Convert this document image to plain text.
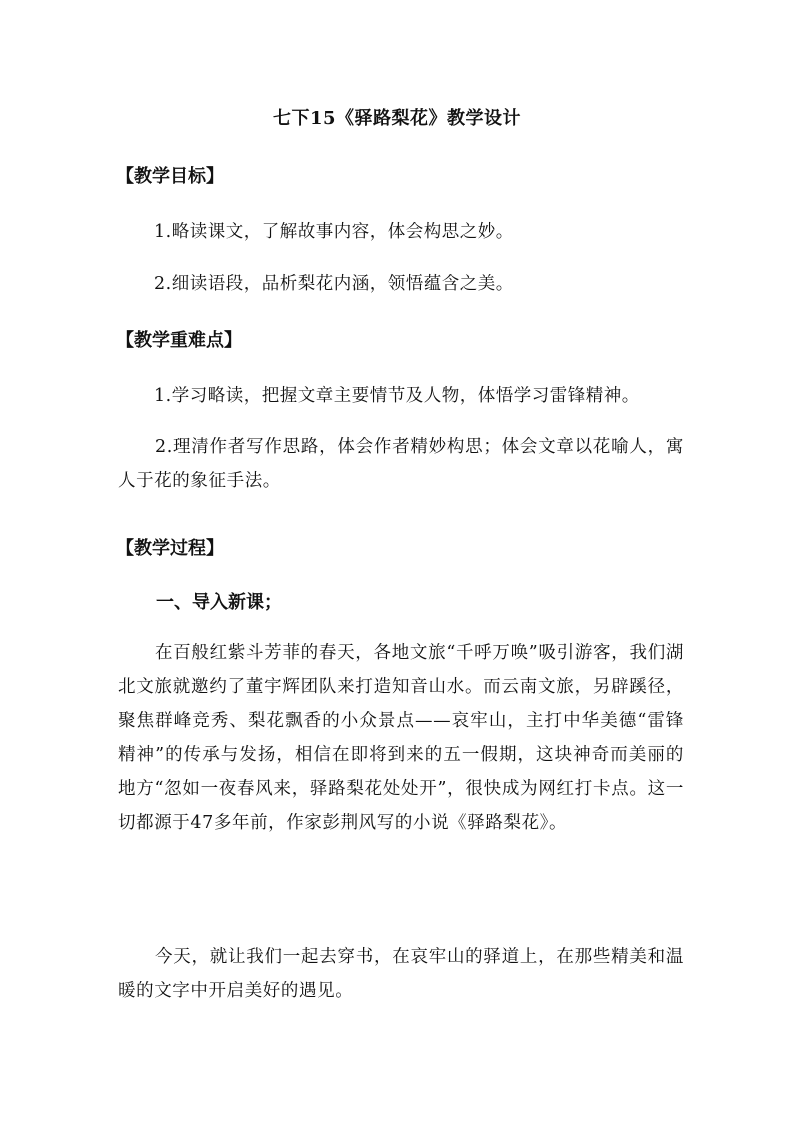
七下15《驿路梨花》教学设计
【教学目标】
1.略读课文，了解故事内容，体会构思之妙。
2.细读语段，品析梨花内涵，领悟蕴含之美。
【教学重难点】
1.学习略读，把握文章主要情节及人物，体悟学习雷锋精神。
2.理清作者写作思路，体会作者精妙构思；体会文章以花喻人，寓人于花的象征手法。
【教学过程】
一、导入新课；
在百般红紫斗芳菲的春天，各地文旅“千呼万唤”吸引游客，我们湖北文旅就邀约了董宇辉团队来打造知音山水。而云南文旅，另辟蹊径，聚焦群峰竞秀、梨花飘香的小众景点——哀牢山，主打中华美德“雷锋精神”的传承与发扬，相信在即将到来的五一假期，这块神奇而美丽的地方“忽如一夜春风来，驿路梨花处处开”，很快成为网红打卡点。这一切都源于47多年前，作家彭荆风写的小说《驿路梨花》。
今天，就让我们一起去穿书，在哀牢山的驿道上，在那些精美和温暖的文字中开启美好的遇见。
